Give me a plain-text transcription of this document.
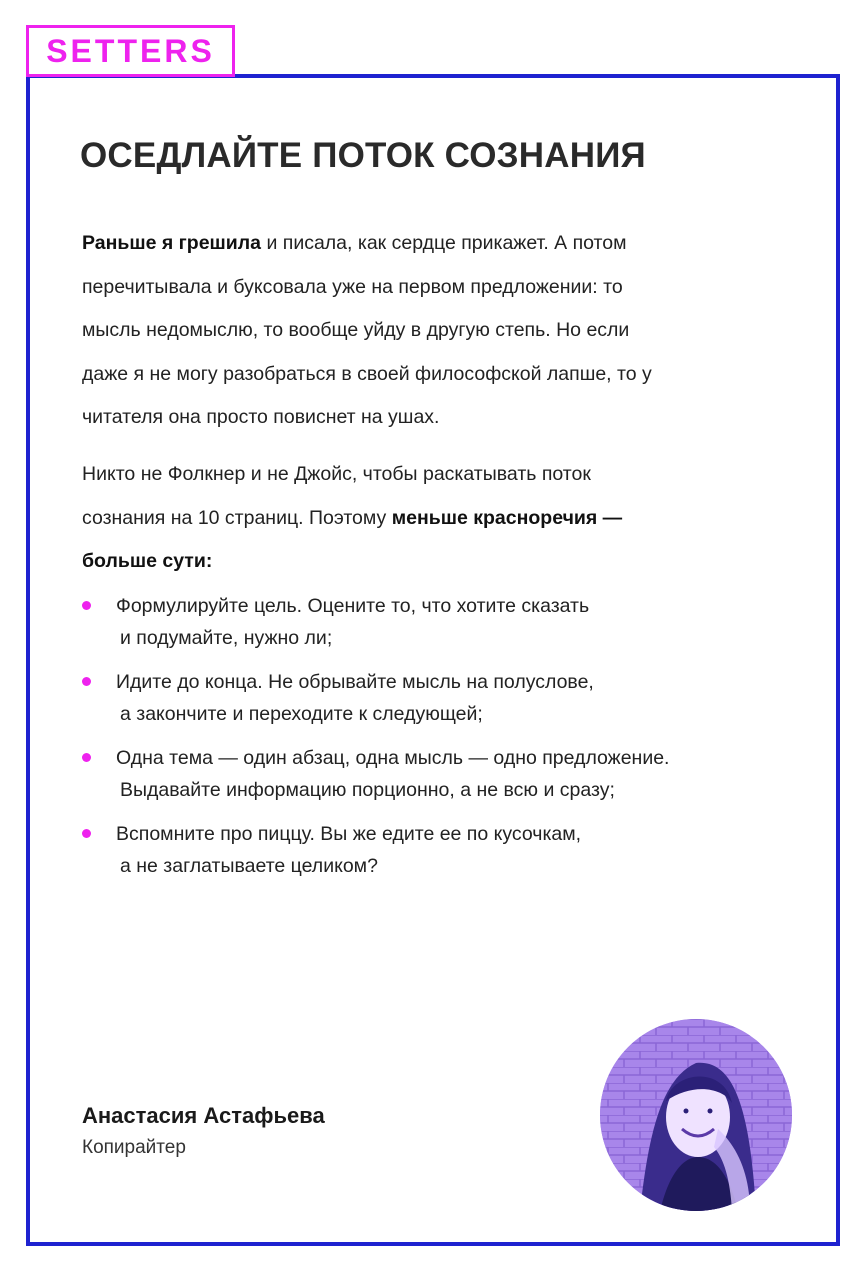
SETTERS
ОСЕДЛАЙТЕ ПОТОК СОЗНАНИЯ

Раньше я грешила и писала, как сердце прикажет. А потом
перечитывала и буксовала уже на первом предложении: то
мысль недомыслю, то вообще уйду в другую степь. Но если
даже я не могу разобраться в своей философской лапше, то у
читателя она просто повиснет на ушах.

Никто не Фолкнер и не Джойс, чтобы раскатывать поток
сознания на 10 страниц. Поэтому меньше красноречия —
больше сути:

Формулируйте цель. Оцените то, что хотите сказать
и подумайте, нужно ли;
Идите до конца. Не обрывайте мысль на полуслове,
а закончите и переходите к следующей;
Одна тема — один абзац, одна мысль — одно предложение.
Выдавайте информацию порционно, а не всю и сразу;
Вспомните про пиццу. Вы же едите ее по кусочкам,
а не заглатываете целиком?
Анастасия Астафьева
Копирайтер
